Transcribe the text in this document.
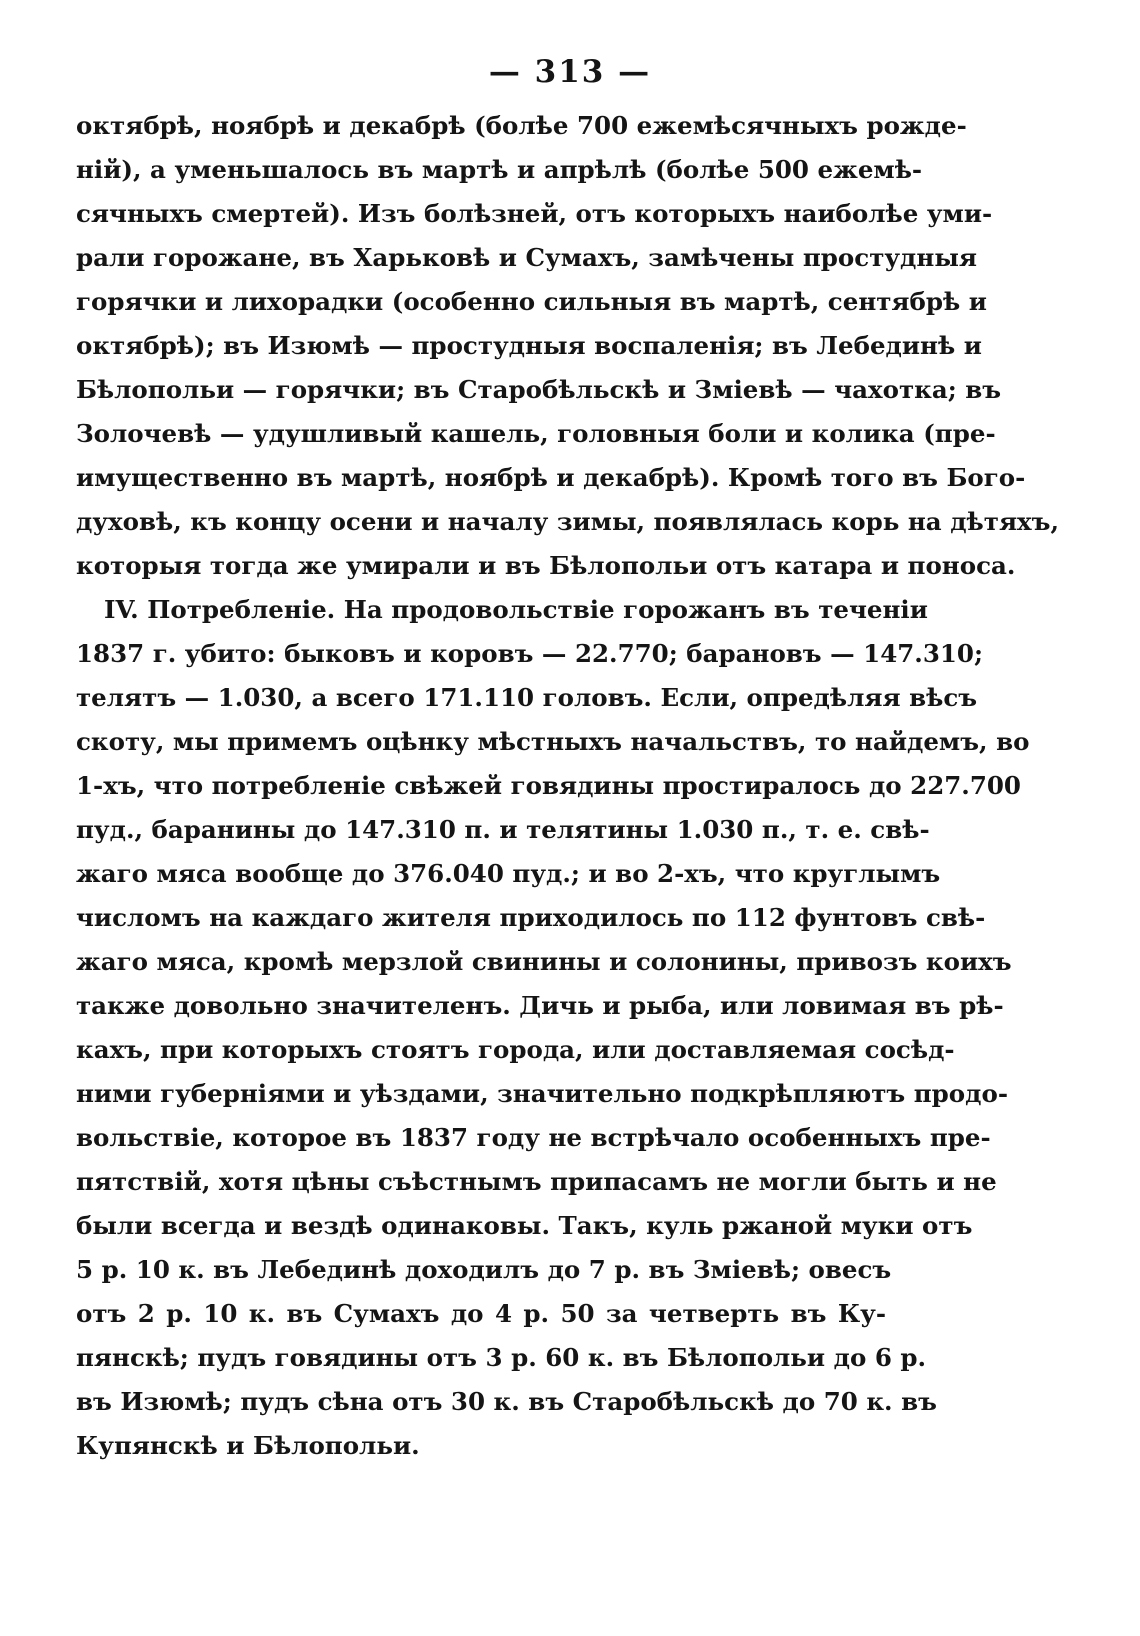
— 313 —
октябрѣ, ноябрѣ и декабрѣ (болѣе 700 ежемѣсячныхъ рожде-
ній), а уменьшалось въ мартѣ и апрѣлѣ (болѣе 500 ежемѣ-
сячныхъ смертей). Изъ болѣзней, отъ которыхъ наиболѣе уми-
рали горожане, въ Харьковѣ и Сумахъ, замѣчены простудныя
горячки и лихорадки (особенно сильныя въ мартѣ, сентябрѣ и
октябрѣ); въ Изюмѣ — простудныя воспаленія; въ Лебединѣ и
Бѣлопольи — горячки; въ Старобѣльскѣ и Змiевѣ — чахотка; въ
Золочевѣ — удушливый кашель, головныя боли и колика (пре-
имущественно въ мартѣ, ноябрѣ и декабрѣ). Кромѣ того въ Бого-
духовѣ, къ концу осени и началу зимы, появлялась корь на дѣтяхъ,
которыя тогда же умирали и въ Бѣлопольи отъ катара и поноса.
IV. Потребленіе. На продовольствіе горожанъ въ теченіи
1837 г. убито: быковъ и коровъ — 22.770; барановъ — 147.310;
телятъ — 1.030, а всего 171.110 головъ. Если, опредѣляя вѣсъ
скоту, мы примемъ оцѣнку мѣстныхъ начальствъ, то найдемъ, во
1-хъ, что потребленіе свѣжей говядины простиралось до 227.700
пуд., баранины до 147.310 п. и телятины 1.030 п., т. е. свѣ-
жаго мяса вообще до 376.040 пуд.; и во 2-хъ, что круглымъ
числомъ на каждаго жителя приходилось по 112 фунтовъ свѣ-
жаго мяса, кромѣ мерзлой свинины и солонины, привозъ коихъ
также довольно значителенъ. Дичь и рыба, или ловимая въ рѣ-
кахъ, при которыхъ стоятъ города, или доставляемая сосѣд-
ними губерніями и уѣздами, значительно подкрѣпляютъ продо-
вольствіе, которое въ 1837 году не встрѣчало особенныхъ пре-
пятствій, хотя цѣны съѣстнымъ припасамъ не могли быть и не
были всегда и вездѣ одинаковы. Такъ, куль ржаной муки отъ
5 р. 10 к. въ Лебединѣ доходилъ до 7 р. въ Змiевѣ; овесъ
отъ 2 р. 10 к. въ Сумахъ до 4 р. 50 за четверть въ Ку-
пянскѣ; пудъ говядины отъ 3 р. 60 к. въ Бѣлопольи до 6 р.
въ Изюмѣ; пудъ сѣна отъ 30 к. въ Старобѣльскѣ до 70 к. въ
Купянскѣ и Бѣлопольи.
